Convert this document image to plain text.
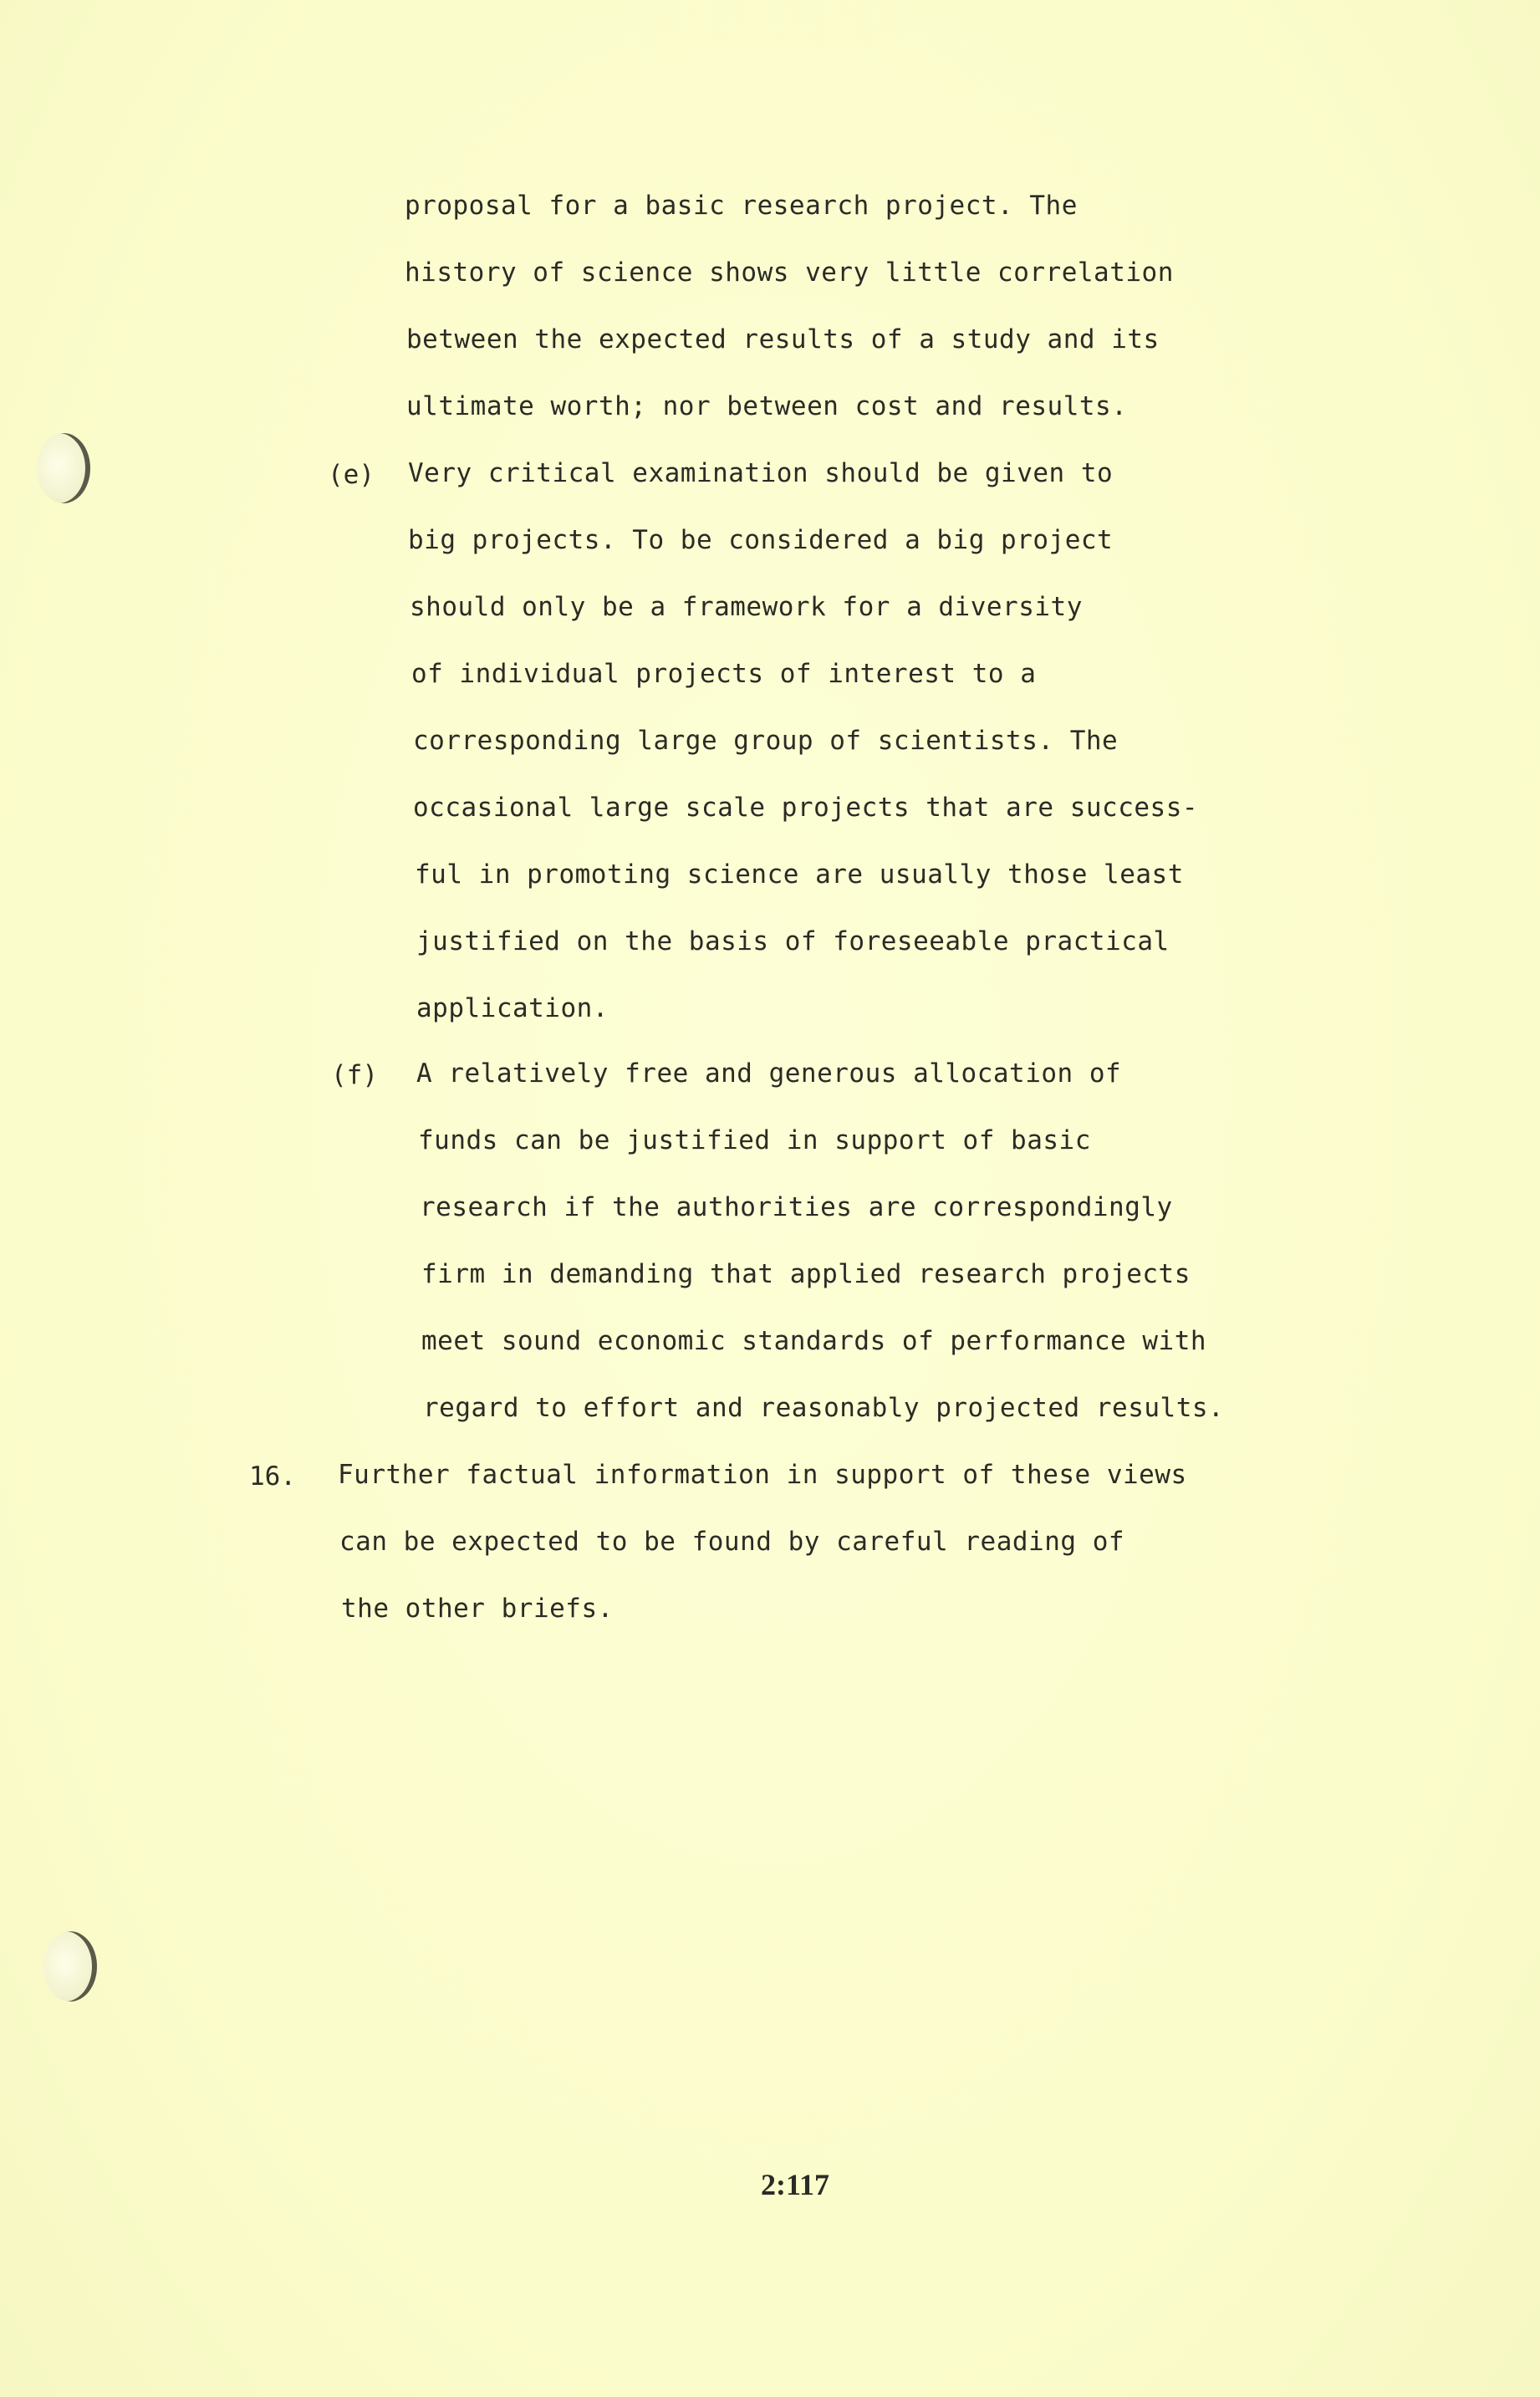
proposal for a basic research project. The
history of science shows very little correlation
between the expected results of a study and its
ultimate worth; nor between cost and results.
(e) Very critical examination should be given to
big projects. To be considered a big project
should only be a framework for a diversity
of individual projects of interest to a
corresponding large group of scientists. The
occasional large scale projects that are success-
ful in promoting science are usually those least
justified on the basis of foreseeable practical
application.
(f) A relatively free and generous allocation of
funds can be justified in support of basic
research if the authorities are correspondingly
firm in demanding that applied research projects
meet sound economic standards of performance with
regard to effort and reasonably projected results.
16. Further factual information in support of these views
can be expected to be found by careful reading of
the other briefs.
2:117
